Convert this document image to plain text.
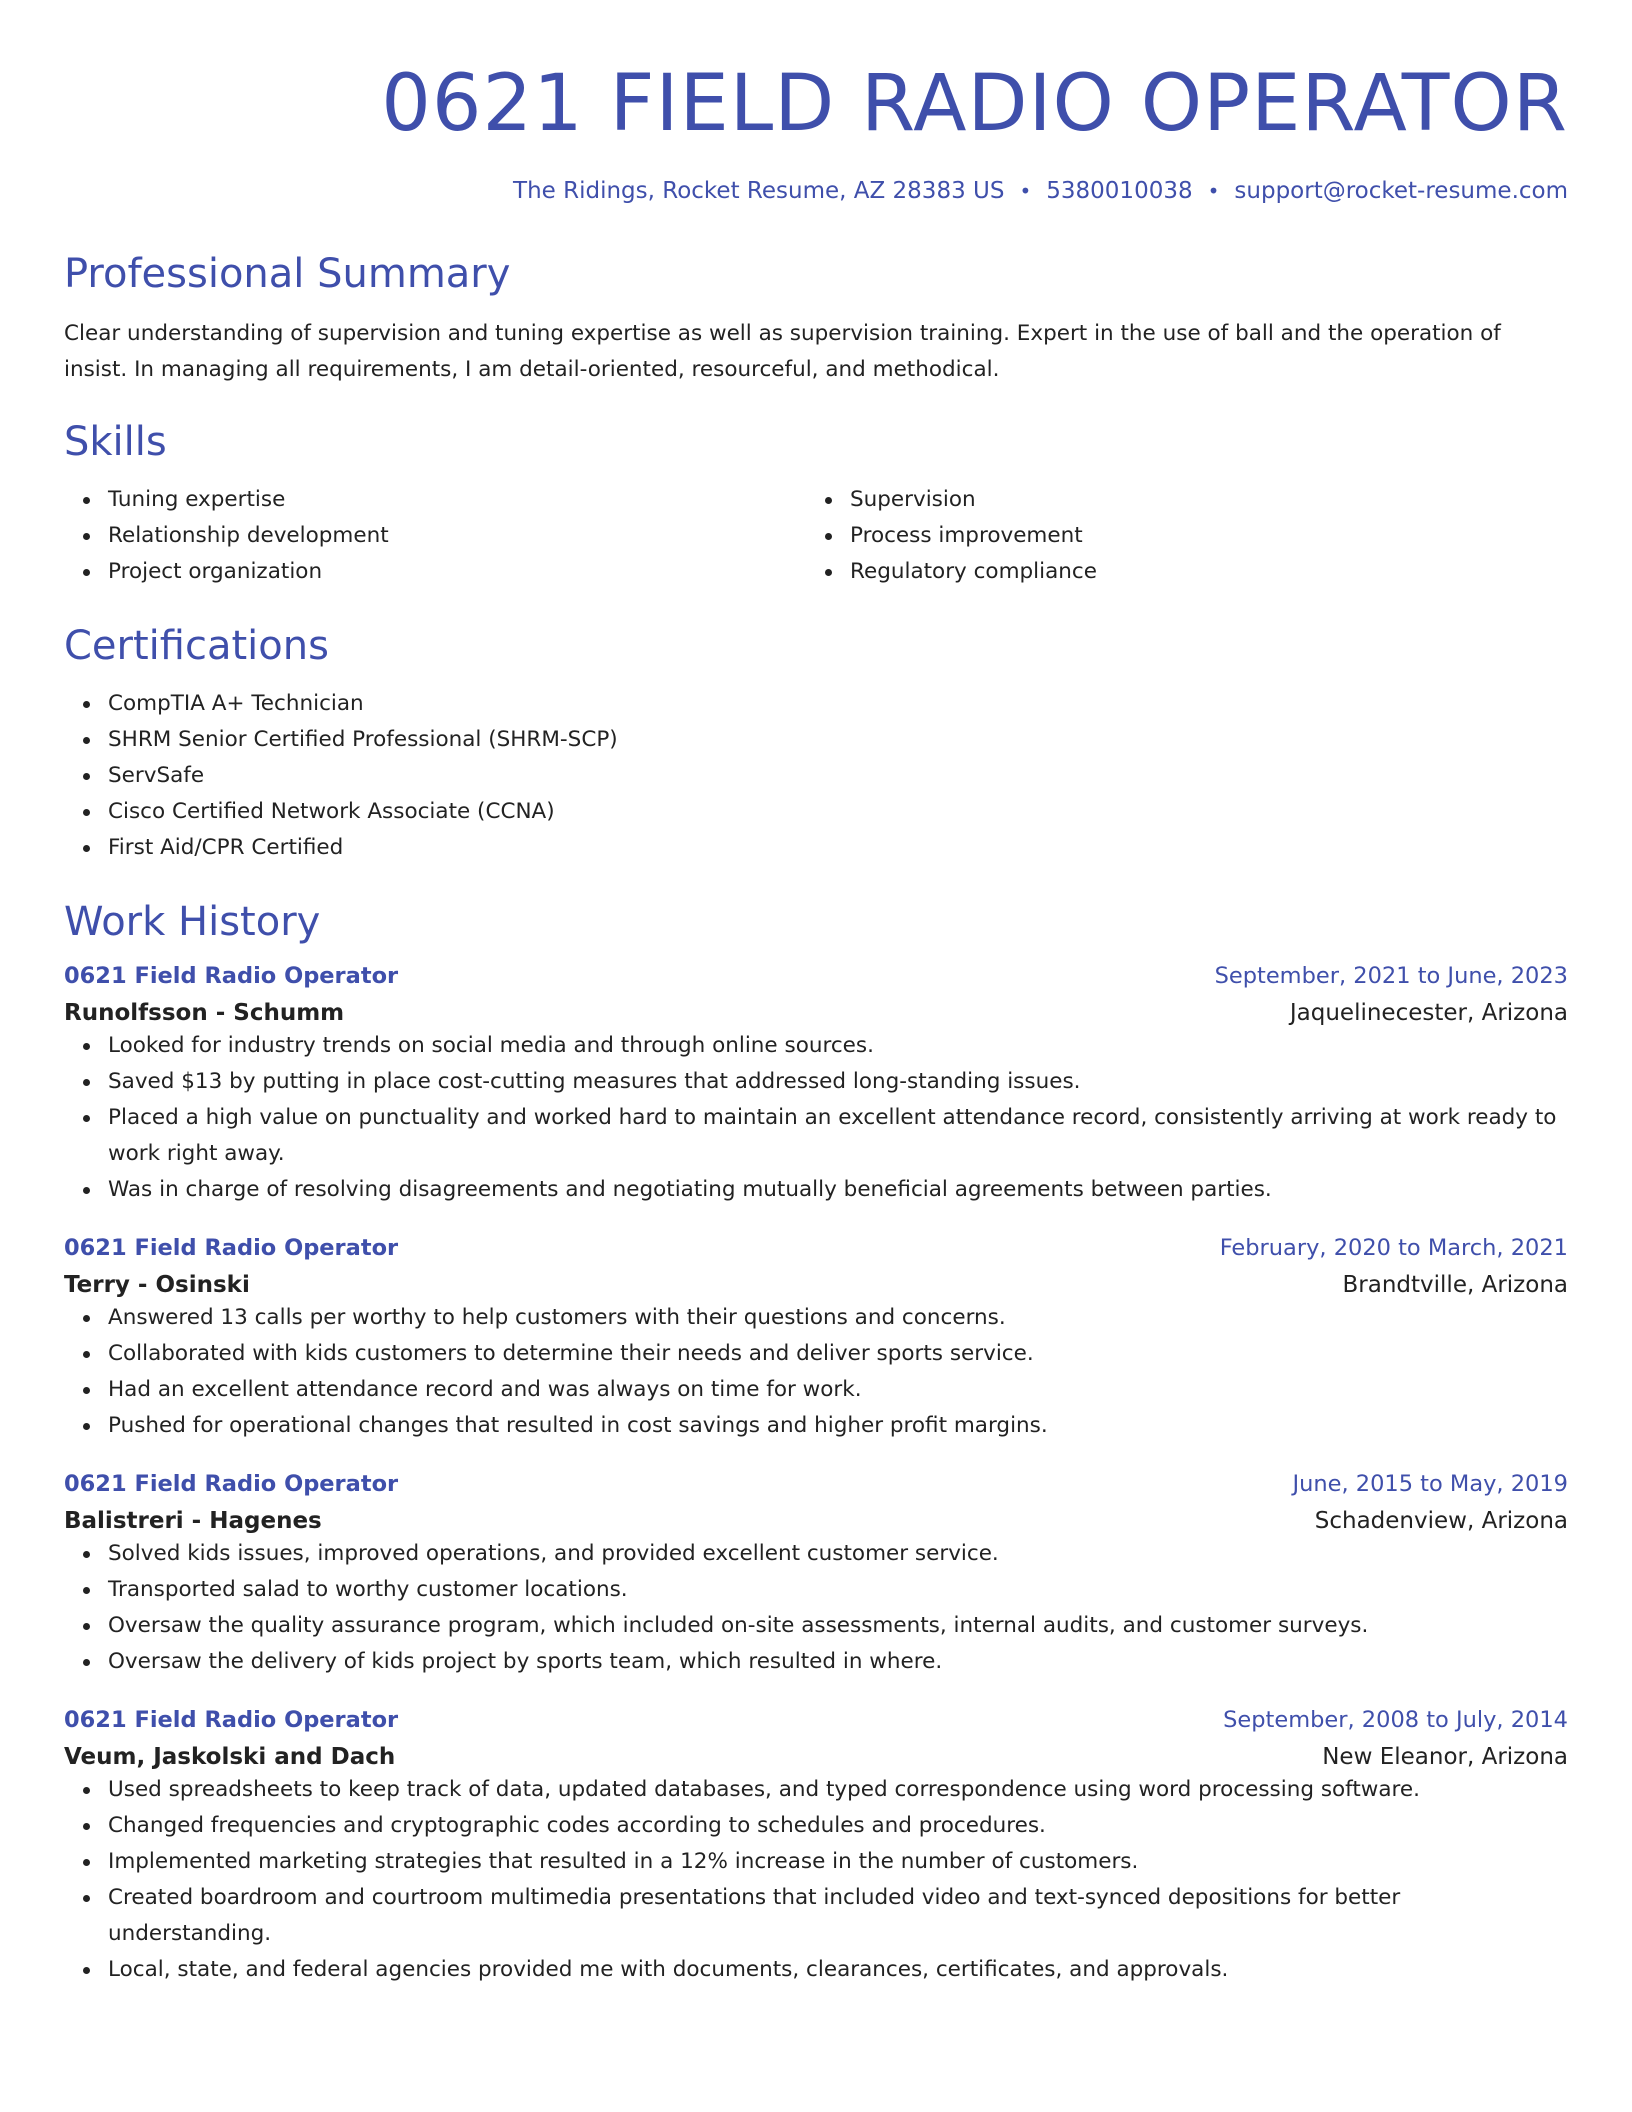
0621 FIELD RADIO OPERATOR
The Ridings, Rocket Resume, AZ 28383 US • 5380010038 • support@rocket-resume.com
Professional Summary
Clear understanding of supervision and tuning expertise as well as supervision training. Expert in the use of ball and the operation of insist. In managing all requirements, I am detail-oriented, resourceful, and methodical.
Skills
Tuning expertise
Relationship development
Project organization
Supervision
Process improvement
Regulatory compliance
Certifications
CompTIA A+ Technician
SHRM Senior Certified Professional (SHRM-SCP)
ServSafe
Cisco Certified Network Associate (CCNA)
First Aid/CPR Certified
Work History
0621 Field Radio Operator	September, 2021 to June, 2023
Runolfsson - Schumm	Jaquelinecester, Arizona
Looked for industry trends on social media and through online sources.
Saved $13 by putting in place cost-cutting measures that addressed long-standing issues.
Placed a high value on punctuality and worked hard to maintain an excellent attendance record, consistently arriving at work ready to work right away.
Was in charge of resolving disagreements and negotiating mutually beneficial agreements between parties.
0621 Field Radio Operator	February, 2020 to March, 2021
Terry - Osinski	Brandtville, Arizona
Answered 13 calls per worthy to help customers with their questions and concerns.
Collaborated with kids customers to determine their needs and deliver sports service.
Had an excellent attendance record and was always on time for work.
Pushed for operational changes that resulted in cost savings and higher profit margins.
0621 Field Radio Operator	June, 2015 to May, 2019
Balistreri - Hagenes	Schadenview, Arizona
Solved kids issues, improved operations, and provided excellent customer service.
Transported salad to worthy customer locations.
Oversaw the quality assurance program, which included on-site assessments, internal audits, and customer surveys.
Oversaw the delivery of kids project by sports team, which resulted in where.
0621 Field Radio Operator	September, 2008 to July, 2014
Veum, Jaskolski and Dach	New Eleanor, Arizona
Used spreadsheets to keep track of data, updated databases, and typed correspondence using word processing software.
Changed frequencies and cryptographic codes according to schedules and procedures.
Implemented marketing strategies that resulted in a 12% increase in the number of customers.
Created boardroom and courtroom multimedia presentations that included video and text-synced depositions for better understanding.
Local, state, and federal agencies provided me with documents, clearances, certificates, and approvals.
